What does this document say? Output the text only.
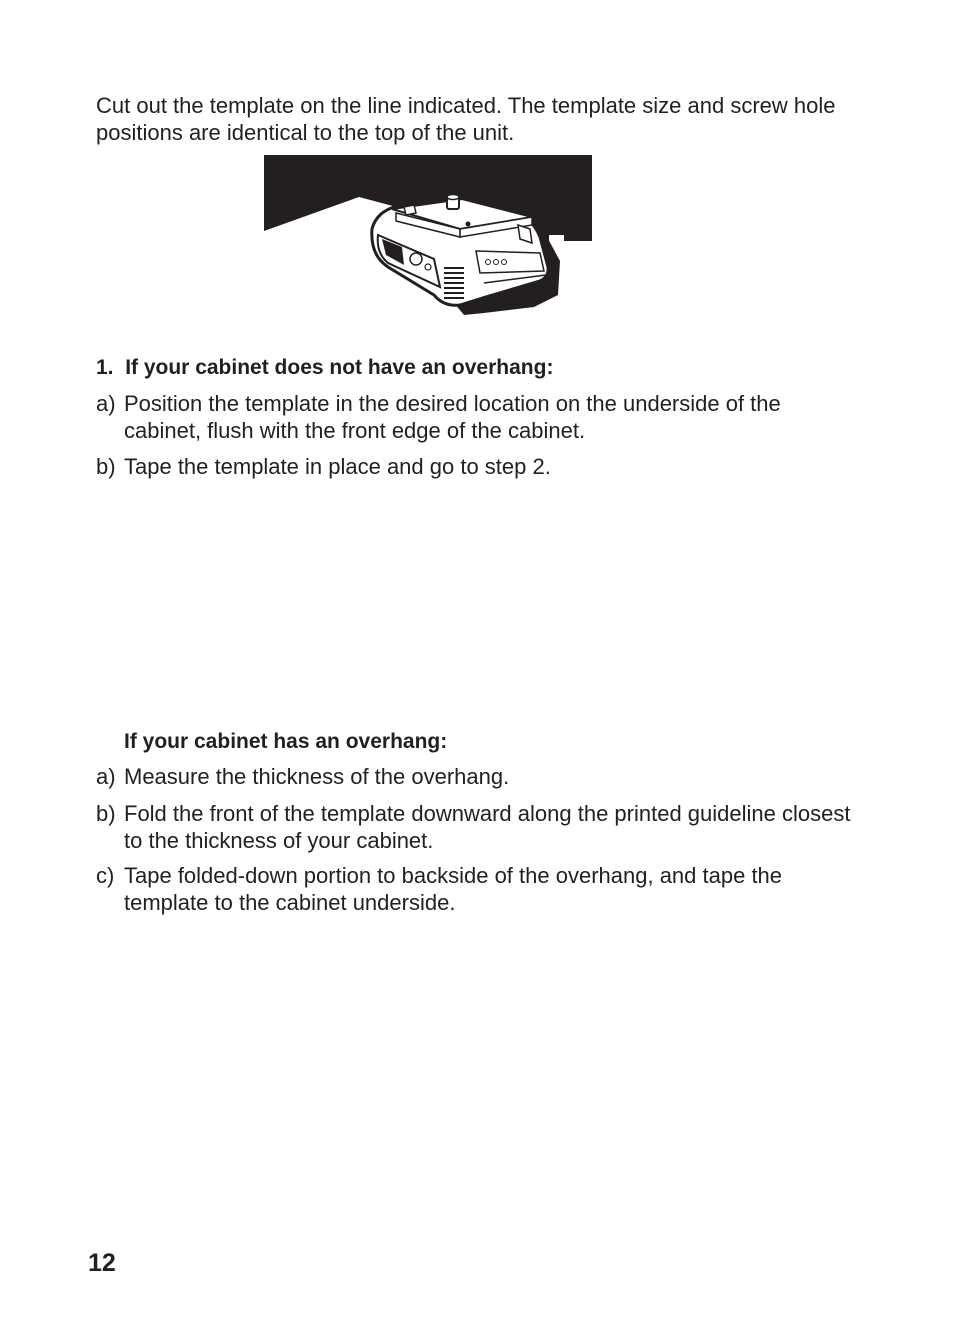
Cut out the template on the line indicated. The template size and screw hole positions are identical to the top of the unit.

1. If your cabinet does not have an overhang:
a) Position the template in the desired location on the underside of the cabinet, flush with the front edge of the cabinet.
b) Tape the template in place and go to step 2.
If your cabinet has an overhang:
a) Measure the thickness of the overhang.
b) Fold the front of the template downward along the printed guideline closest to the thickness of your cabinet.
c) Tape folded-down portion to backside of the overhang, and tape the template to the cabinet underside.
12
